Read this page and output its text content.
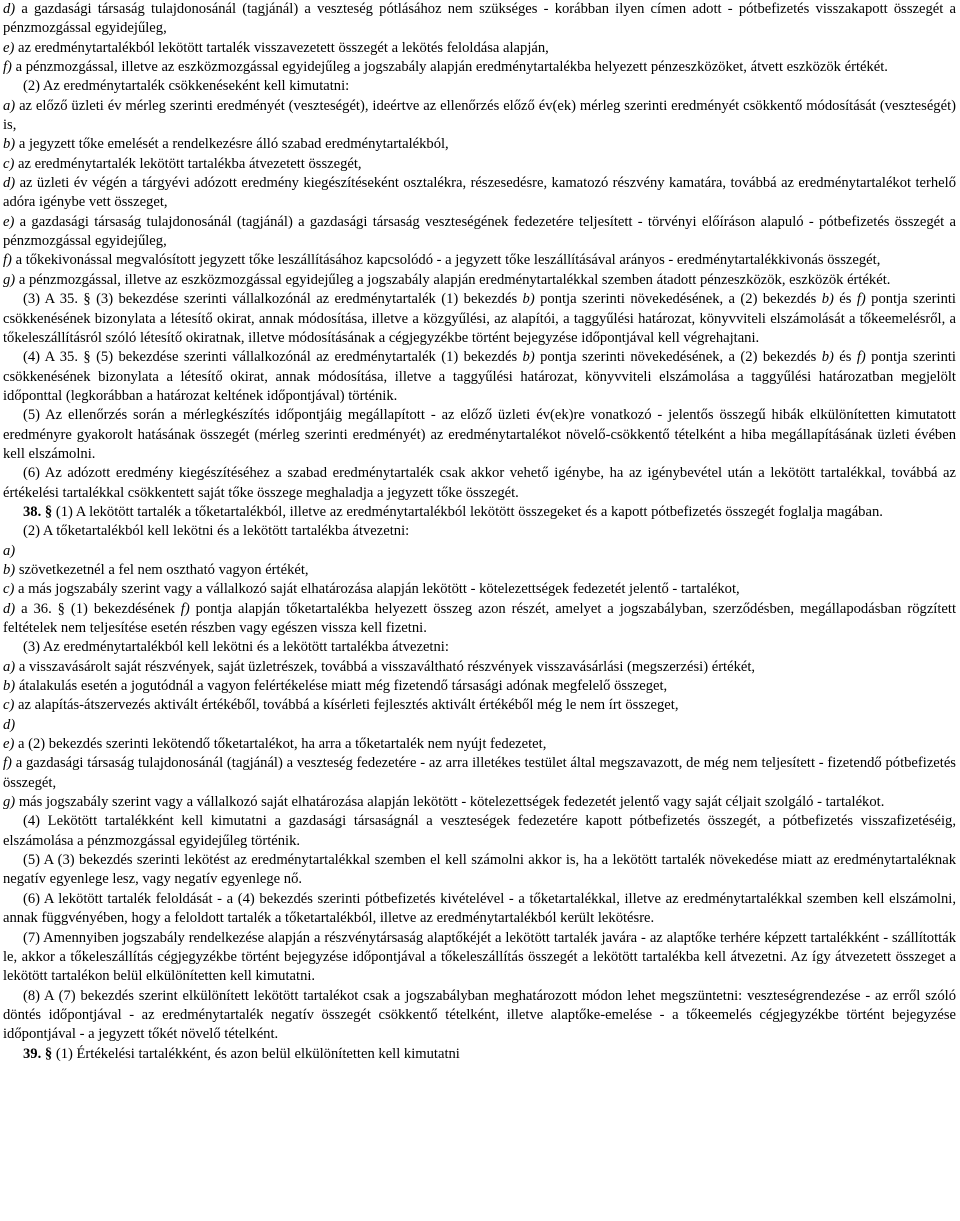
d) a gazdasági társaság tulajdonosánál (tagjánál) a veszteség pótlásához nem szükséges - korábban ilyen címen adott - pótbefizetés visszakapott összegét a pénzmozgással egyidejűleg,

e) az eredménytartalékból lekötött tartalék visszavezetett összegét a lekötés feloldása alapján,

f) a pénzmozgással, illetve az eszközmozgással egyidejűleg a jogszabály alapján eredménytartalékba helyezett pénzeszközöket, átvett eszközök értékét.

(2) Az eredménytartalék csökkenéseként kell kimutatni:

a) az előző üzleti év mérleg szerinti eredményét (veszteségét), ideértve az ellenőrzés előző év(ek) mérleg szerinti eredményét csökkentő módosítását (veszteségét) is,

b) a jegyzett tőke emelését a rendelkezésre álló szabad eredménytartalékból,

c) az eredménytartalék lekötött tartalékba átvezetett összegét,

d) az üzleti év végén a tárgyévi adózott eredmény kiegészítéseként osztalékra, részesedésre, kamatozó részvény kamatára, továbbá az eredménytartalékot terhelő adóra igénybe vett összeget,

e) a gazdasági társaság tulajdonosánál (tagjánál) a gazdasági társaság veszteségének fedezetére teljesített - törvényi előíráson alapuló - pótbefizetés összegét a pénzmozgással egyidejűleg,

f) a tőkekivonással megvalósított jegyzett tőke leszállításához kapcsolódó - a jegyzett tőke leszállításával arányos - eredménytartalékkivonás összegét,

g) a pénzmozgással, illetve az eszközmozgással egyidejűleg a jogszabály alapján eredménytartalékkal szemben átadott pénzeszközök, eszközök értékét.

(3) A 35. § (3) bekezdése szerinti vállalkozónál az eredménytartalék (1) bekezdés b) pontja szerinti növekedésének, a (2) bekezdés b) és f) pontja szerinti csökkenésének bizonylata a létesítő okirat, annak módosítása, illetve a közgyűlési, az alapítói, a taggyűlési határozat, könyvviteli elszámolását a tőkeemelésről, a tőkeleszállításról szóló létesítő okiratnak, illetve módosításának a cégjegyzékbe történt bejegyzése időpontjával kell végrehajtani.

(4) A 35. § (5) bekezdése szerinti vállalkozónál az eredménytartalék (1) bekezdés b) pontja szerinti növekedésének, a (2) bekezdés b) és f) pontja szerinti csökkenésének bizonylata a létesítő okirat, annak módosítása, illetve a taggyűlési határozat, könyvviteli elszámolása a taggyűlési határozatban megjelölt időponttal (legkorábban a határozat keltének időpontjával) történik.

(5) Az ellenőrzés során a mérlegkészítés időpontjáig megállapított - az előző üzleti év(ek)re vonatkozó - jelentős összegű hibák elkülönítetten kimutatott eredményre gyakorolt hatásának összegét (mérleg szerinti eredményét) az eredménytartalékot növelő-csökkentő tételként a hiba megállapításának üzleti évében kell elszámolni.

(6) Az adózott eredmény kiegészítéséhez a szabad eredménytartalék csak akkor vehető igénybe, ha az igénybevétel után a lekötött tartalékkal, továbbá az értékelési tartalékkal csökkentett saját tőke összege meghaladja a jegyzett tőke összegét.

38. § (1) A lekötött tartalék a tőketartalékból, illetve az eredménytartalékból lekötött összegeket és a kapott pótbefizetés összegét foglalja magában.

(2) A tőketartalékból kell lekötni és a lekötött tartalékba átvezetni:

a)

b) szövetkezetnél a fel nem osztható vagyon értékét,

c) a más jogszabály szerint vagy a vállalkozó saját elhatározása alapján lekötött - kötelezettségek fedezetét jelentő - tartalékot,

d) a 36. § (1) bekezdésének f) pontja alapján tőketartalékba helyezett összeg azon részét, amelyet a jogszabályban, szerződésben, megállapodásban rögzített feltételek nem teljesítése esetén részben vagy egészen vissza kell fizetni.

(3) Az eredménytartalékból kell lekötni és a lekötött tartalékba átvezetni:

a) a visszavásárolt saját részvények, saját üzletrészek, továbbá a visszaváltható részvények visszavásárlási (megszerzési) értékét,

b) átalakulás esetén a jogutódnál a vagyon felértékelése miatt még fizetendő társasági adónak megfelelő összeget,

c) az alapítás-átszervezés aktivált értékéből, továbbá a kísérleti fejlesztés aktivált értékéből még le nem írt összeget,

d)

e) a (2) bekezdés szerinti lekötendő tőketartalékot, ha arra a tőketartalék nem nyújt fedezetet,

f) a gazdasági társaság tulajdonosánál (tagjánál) a veszteség fedezetére - az arra illetékes testület által megszavazott, de még nem teljesített - fizetendő pótbefizetés összegét,

g) más jogszabály szerint vagy a vállalkozó saját elhatározása alapján lekötött - kötelezettségek fedezetét jelentő vagy saját céljait szolgáló - tartalékot.

(4) Lekötött tartalékként kell kimutatni a gazdasági társaságnál a veszteségek fedezetére kapott pótbefizetés összegét, a pótbefizetés visszafizetéséig, elszámolása a pénzmozgással egyidejűleg történik.

(5) A (3) bekezdés szerinti lekötést az eredménytartalékkal szemben el kell számolni akkor is, ha a lekötött tartalék növekedése miatt az eredménytartaléknak negatív egyenlege lesz, vagy negatív egyenlege nő.

(6) A lekötött tartalék feloldását - a (4) bekezdés szerinti pótbefizetés kivételével - a tőketartalékkal, illetve az eredménytartalékkal szemben kell elszámolni, annak függvényében, hogy a feloldott tartalék a tőketartalékból, illetve az eredménytartalékból került lekötésre.

(7) Amennyiben jogszabály rendelkezése alapján a részvénytársaság alaptőkéjét a lekötött tartalék javára - az alaptőke terhére képzett tartalékként - szállították le, akkor a tőkeleszállítás cégjegyzékbe történt bejegyzése időpontjával a tőkeleszállítás összegét a lekötött tartalékba kell átvezetni. Az így átvezetett összeget a lekötött tartalékon belül elkülönítetten kell kimutatni.

(8) A (7) bekezdés szerint elkülönített lekötött tartalékot csak a jogszabályban meghatározott módon lehet megszüntetni: veszteségrendezése - az erről szóló döntés időpontjával - az eredménytartalék negatív összegét csökkentő tételként, illetve alaptőke-emelése - a tőkeemelés cégjegyzékbe történt bejegyzése időpontjával - a jegyzett tőkét növelő tételként.

39. § (1) Értékelési tartalékként, és azon belül elkülönítetten kell kimutatni
